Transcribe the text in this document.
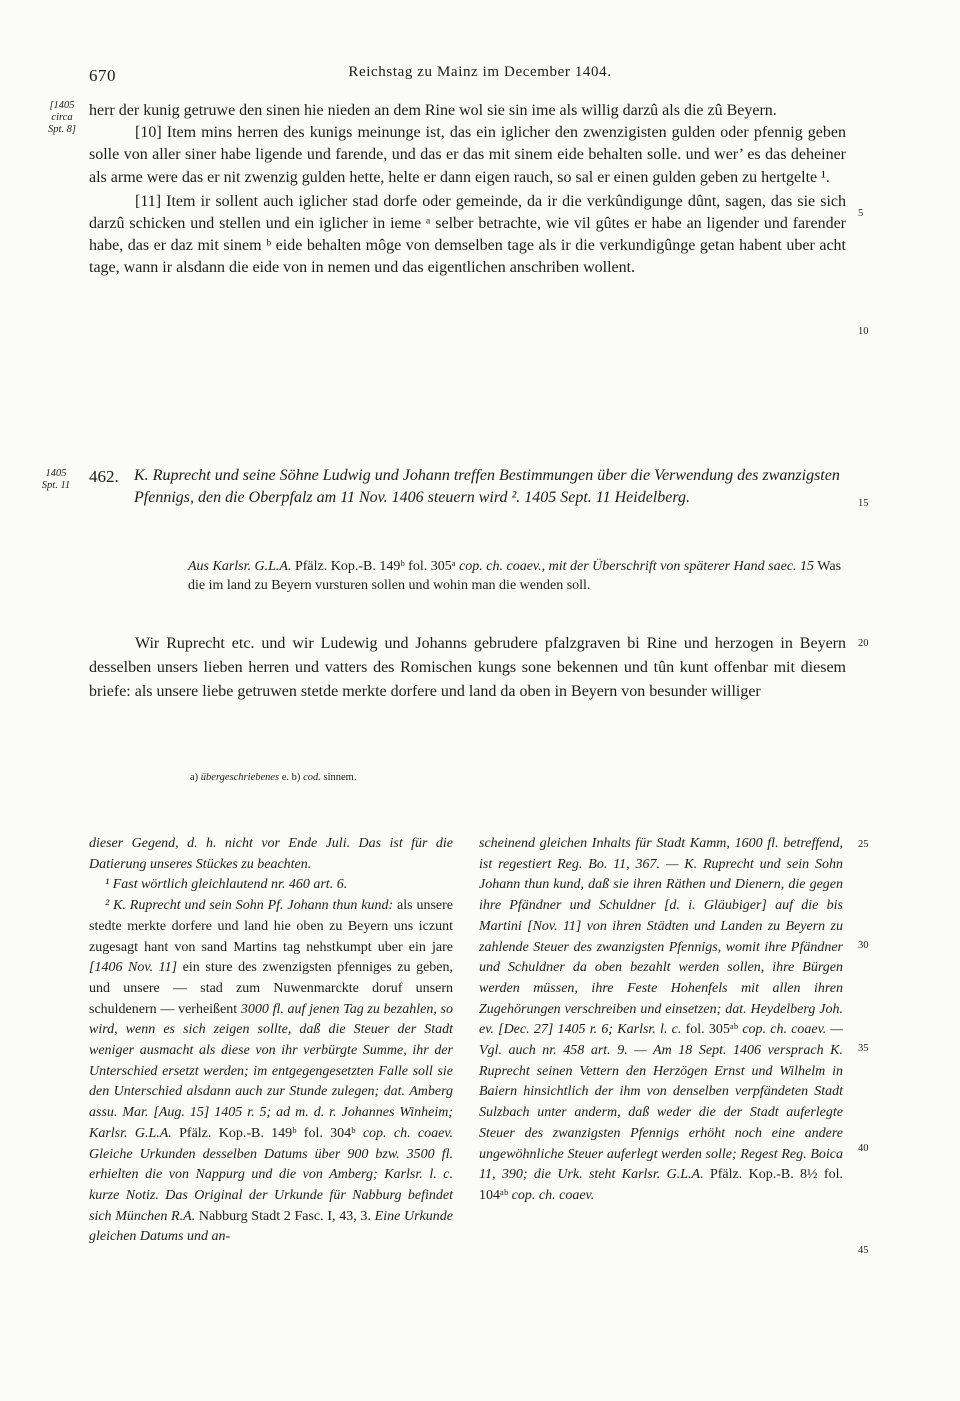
670	Reichstag zu Mainz im December 1404.
[1405
circa
Spt. 8]
1405
Spt. 11
5
10
15
20
25
30
35
40
45

herr der kunig getruwe den sinen hie nieden an dem Rine wol sie sin ime als willig darzû als die zû Beyern.

[10] Item mins herren des kunigs meinunge ist, das ein iglicher den zwenzigisten gulden oder pfennig geben solle von aller siner habe ligende und farende, und das er das mit sinem eide behalten solle. und wer’ es das deheiner als arme were das er nit zwenzig gulden hette, helte er dann eigen rauch, so sal er einen gulden geben zu hertgelte ¹.

[11] Item ir sollent auch iglicher stad dorfe oder gemeinde, da ir die verkûndigunge dûnt, sagen, das sie sich darzû schicken und stellen und ein iglicher in ieme ᵃ selber betrachte, wie vil gûtes er habe an ligender und farender habe, das er daz mit sinem ᵇ eide behalten môge von demselben tage als ir die verkundigûnge getan habent uber acht tage, wann ir alsdann die eide von in nemen und das eigentlichen anschriben wollent.

462. K. Ruprecht und seine Söhne Ludwig und Johann treffen Bestimmungen über die Verwendung des zwanzigsten Pfennigs, den die Oberpfalz am 11 Nov. 1406 steuern wird ². 1405 Sept. 11 Heidelberg.
Aus Karlsr. G.L.A. Pfälz. Kop.-B. 149ᵇ fol. 305ᵃ cop. ch. coaev., mit der Überschrift von späterer Hand saec. 15 Was die im land zu Beyern vursturen sollen und wohin man die wenden soll.

Wir Ruprecht etc. und wir Ludewig und Johanns gebrudere pfalzgraven bi Rine und herzogen in Beyern desselben unsers lieben herren und vatters des Romischen kungs sone bekennen und tûn kunt offenbar mit diesem briefe: als unsere liebe getruwen stetde merkte dorfere und land da oben in Beyern von besunder williger

a) übergeschriebenes e. b) cod. sinnem.

dieser Gegend, d. h. nicht vor Ende Juli. Das ist für die Datierung unseres Stückes zu beachten.

¹ Fast wörtlich gleichlautend nr. 460 art. 6.

² K. Ruprecht und sein Sohn Pf. Johann thun kund: als unsere stedte merkte dorfere und land hie oben zu Beyern uns iczunt zugesagt hant von sand Martins tag nehstkumpt uber ein jare [1406 Nov. 11] ein sture des zwenzigsten pfenniges zu geben, und unsere — stad zum Nuwenmarckte doruf unsern schuldenern — verheißent 3000 fl. auf jenen Tag zu bezahlen, so wird, wenn es sich zeigen sollte, daß die Steuer der Stadt weniger ausmacht als diese von ihr verbürgte Summe, ihr der Unterschied ersetzt werden; im entgegengesetzten Falle soll sie den Unterschied alsdann auch zur Stunde zulegen; dat. Amberg assu. Mar. [Aug. 15] 1405 r. 5; ad m. d. r. Johannes Winheim; Karlsr. G.L.A. Pfälz. Kop.-B. 149ᵇ fol. 304ᵇ cop. ch. coaev. Gleiche Urkunden desselben Datums über 900 bzw. 3500 fl. erhielten die von Nappurg und die von Amberg; Karlsr. l. c. kurze Notiz. Das Original der Urkunde für Nabburg befindet sich München R.A. Nabburg Stadt 2 Fasc. I, 43, 3. Eine Urkunde gleichen Datums und an-

scheinend gleichen Inhalts für Stadt Kamm, 1600 fl. betreffend, ist regestiert Reg. Bo. 11, 367. — K. Ruprecht und sein Sohn Johann thun kund, daß sie ihren Räthen und Dienern, die gegen ihre Pfändner und Schuldner [d. i. Gläubiger] auf die bis Martini [Nov. 11] von ihren Städten und Landen zu Beyern zu zahlende Steuer des zwanzigsten Pfennigs, womit ihre Pfändner und Schuldner da oben bezahlt werden sollen, ihre Bürgen werden müssen, ihre Feste Hohenfels mit allen ihren Zugehörungen verschreiben und einsetzen; dat. Heydelberg Joh. ev. [Dec. 27] 1405 r. 6; Karlsr. l. c. fol. 305ᵃᵇ cop. ch. coaev. — Vgl. auch nr. 458 art. 9. — Am 18 Sept. 1406 versprach K. Ruprecht seinen Vettern den Herzögen Ernst und Wilhelm in Baiern hinsichtlich der ihm von denselben verpfändeten Stadt Sulzbach unter anderm, daß weder die der Stadt auferlegte Steuer des zwanzigsten Pfennigs erhöht noch eine andere ungewöhnliche Steuer auferlegt werden solle; Regest Reg. Boica 11, 390; die Urk. steht Karlsr. G.L.A. Pfälz. Kop.-B. 8½ fol. 104ᵃᵇ cop. ch. coaev.
